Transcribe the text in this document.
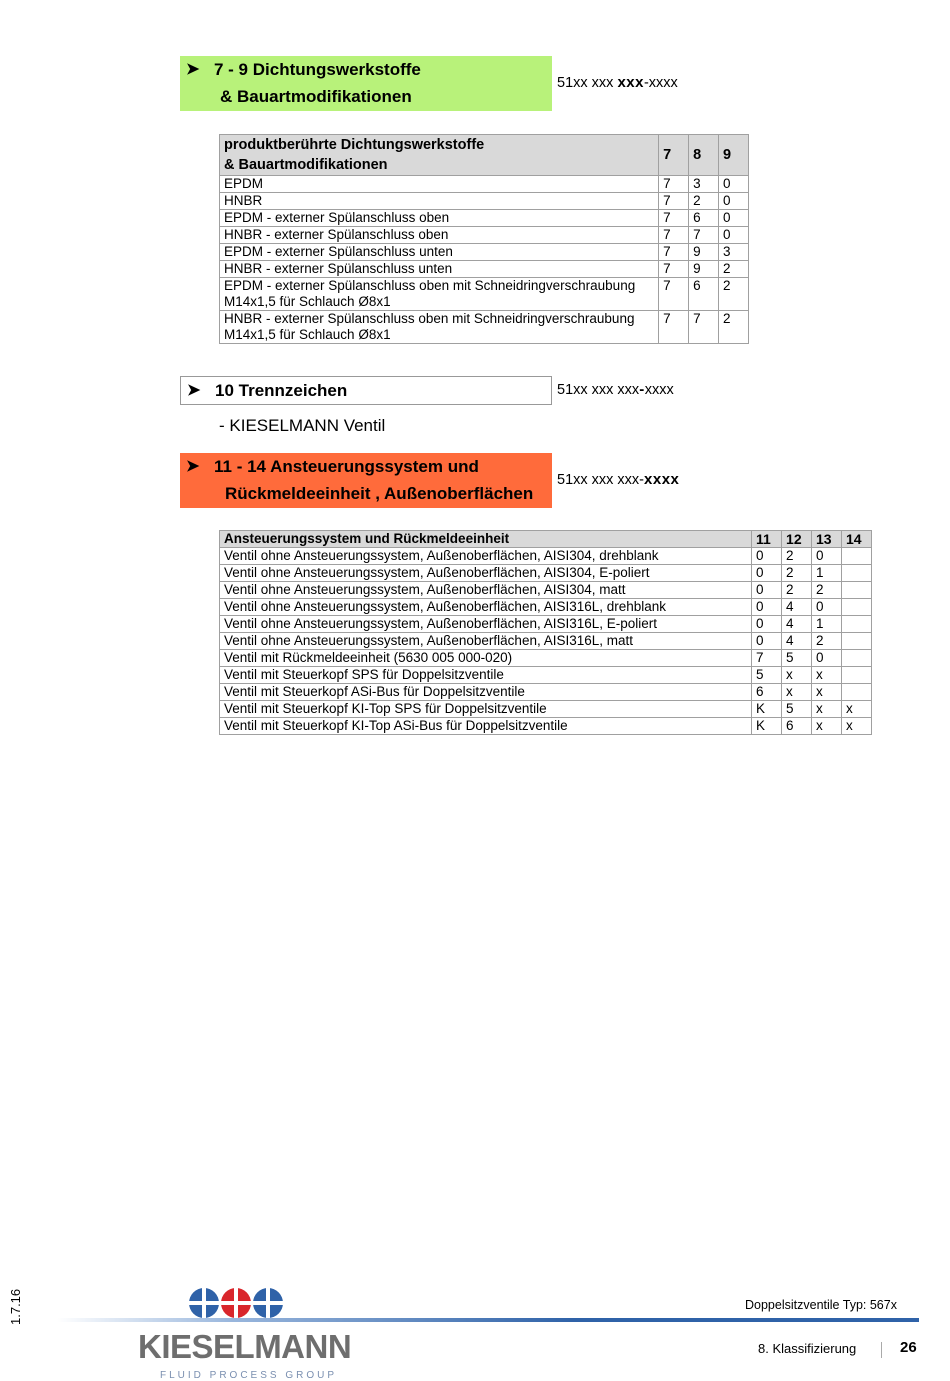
➤ 7 - 9 Dichtungswerkstoffe
& Bauartmodifikationen
51xx xxx xxx-xxxx
produktberührte Dichtungswerkstoffe
& Bauartmodifikationen	7	8	9

EPDM	7	3	0

HNBR	7	2	0

EPDM - externer Spülanschluss oben	7	6	0

HNBR - externer Spülanschluss oben	7	7	0

EPDM - externer Spülanschluss unten	7	9	3

HNBR - externer Spülanschluss unten	7	9	2

EPDM - externer Spülanschluss oben mit Schneidringverschraubung
M14x1,5 für Schlauch Ø8x1	7	6	2

HNBR - externer Spülanschluss oben mit Schneidringverschraubung
M14x1,5 für Schlauch Ø8x1	7	7	2
➤ 10 Trennzeichen	51xx xxx xxx-xxxx
- KIESELMANN Ventil
➤ 11 - 14 Ansteuerungssystem und
Rückmeldeeinheit , Außenoberflächen
51xx xxx xxx-xxxx
Ansteuerungssystem und Rückmeldeeinheit	11	12	13	14
Ventil ohne Ansteuerungssystem, Außenoberflächen, AISI304, drehblank	0	2	0	
Ventil ohne Ansteuerungssystem, Außenoberflächen, AISI304, E-poliert	0	2	1	
Ventil ohne Ansteuerungssystem, Außenoberflächen, AISI304, matt	0	2	2	
Ventil ohne Ansteuerungssystem, Außenoberflächen, AISI316L, drehblank	0	4	0	
Ventil ohne Ansteuerungssystem, Außenoberflächen, AISI316L, E-poliert	0	4	1	
Ventil ohne Ansteuerungssystem, Außenoberflächen, AISI316L, matt	0	4	2	
Ventil mit Rückmeldeeinheit (5630 005 000-020)	7	5	0	
Ventil mit Steuerkopf SPS für Doppelsitzventile	5	x	x	
Ventil mit Steuerkopf ASi-Bus für Doppelsitzventile	6	x	x	
Ventil mit Steuerkopf KI-Top SPS für Doppelsitzventile	K	5	x	x
Ventil mit Steuerkopf KI-Top ASi-Bus für Doppelsitzventile	K	6	x	x
1.7.16
KIESELMANN
FLUID PROCESS GROUP
Doppelsitzventile Typ: 567x
8. Klassifizierung	26
